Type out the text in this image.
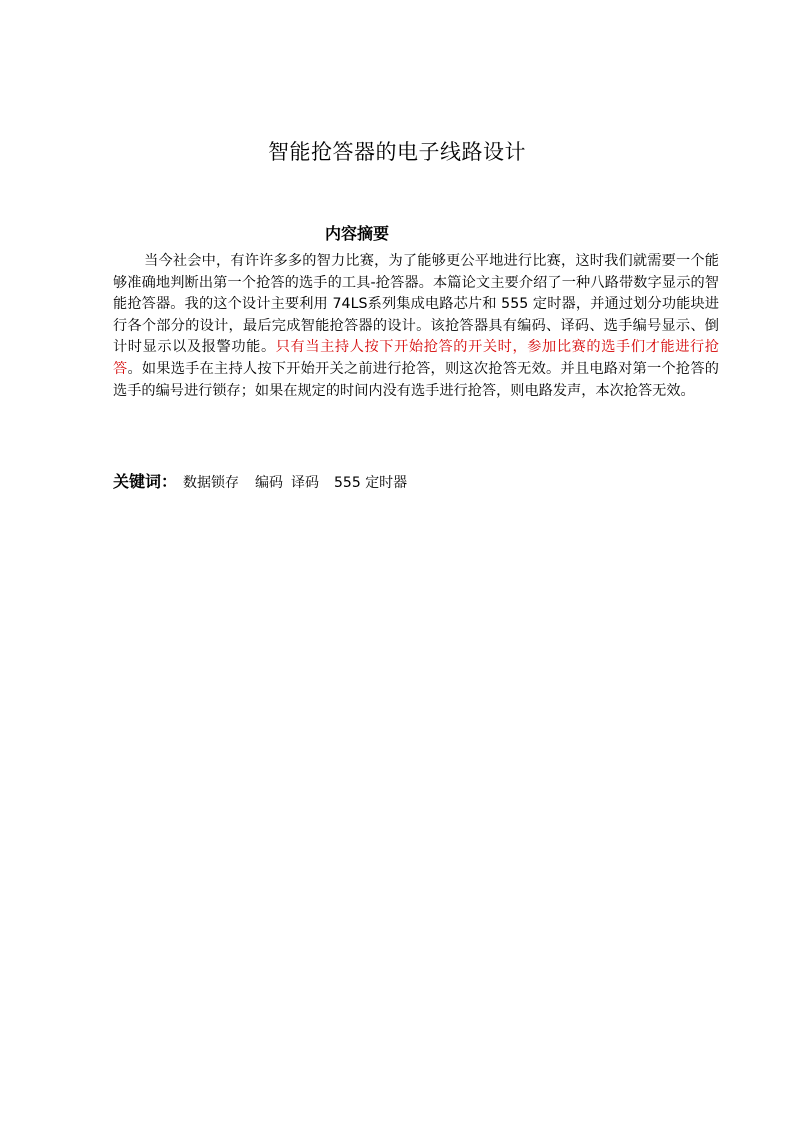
智能抢答器的电子线路设计
内容摘要
当今社会中，有许许多多的智力比赛，为了能够更公平地进行比赛，这时我们就需要一个能够准确地判断出第一个抢答的选手的工具-抢答器。本篇论文主要介绍了一种八路带数字显示的智能抢答器。我的这个设计主要利用 74LS系列集成电路芯片和 555 定时器，并通过划分功能块进行各个部分的设计，最后完成智能抢答器的设计。该抢答器具有编码、译码、选手编号显示、倒计时显示以及报警功能。只有当主持人按下开始抢答的开关时，参加比赛的选手们才能进行抢答。如果选手在主持人按下开始开关之前进行抢答，则这次抢答无效。并且电路对第一个抢答的选手的编号进行锁存；如果在规定的时间内没有选手进行抢答，则电路发声，本次抢答无效。
关键词： 数据锁存 编码 译码 555 定时器
